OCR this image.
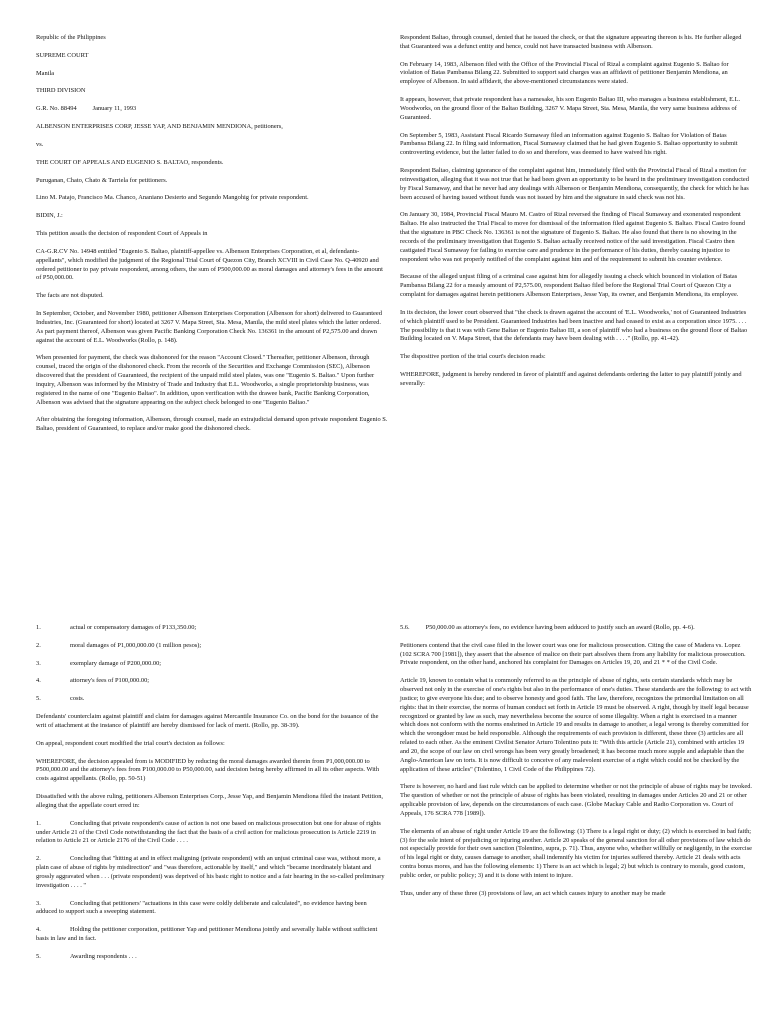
Republic of the Philippines

SUPREME COURT

Manila

THIRD DIVISION

G.R. No. 88494          January 11, 1993

ALBENSON ENTERPRISES CORP, JESSE YAP, AND BENJAMIN MENDIONA, petitioners,

vs.

THE COURT OF APPEALS AND EUGENIO S. BALTAO, respondents.

Puruganan, Chato, Chato & Tarriela for petitioners.

Lino M. Patajo, Francisco Ma. Chanco, Ananiano Desierto and Segundo Mangohig for private respondent.

BIDIN, J.:

This petition assails the decision of respondent Court of Appeals in

CA-G.R.CV No. 14948 entitled "Eugenio S. Baltao, plaintiff-appellee vs. Albenson Enterprises Corporation, et al, defendants-appellants", which modified the judgment of the Regional Trial Court of Quezon City, Branch XCVIII in Civil Case No. Q-40920 and ordered petitioner to pay private respondent, among others, the sum of P500,000.00 as moral damages and attorney's fees in the amount of P50,000.00.

The facts are not disputed.

In September, October, and November 1980, petitioner Albenson Enterprises Corporation (Albenson for short) delivered to Guaranteed Industries, Inc. (Guaranteed for short) located at 3267 V. Mapa Street, Sta. Mesa, Manila, the mild steel plates which the latter ordered. As part payment thereof, Albenson was given Pacific Banking Corporation Check No. 136361 in the amount of P2,575.00 and drawn against the account of E.L. Woodworks (Rollo, p. 148).

When presented for payment, the check was dishonored for the reason "Account Closed." Thereafter, petitioner Albenson, through counsel, traced the origin of the dishonored check. From the records of the Securities and Exchange Commission (SEC), Albenson discovered that the president of Guaranteed, the recipient of the unpaid mild steel plates, was one "Eugenio S. Baltao." Upon further inquiry, Albenson was informed by the Ministry of Trade and Industry that E.L. Woodworks, a single proprietorship business, was registered in the name of one "Eugenio Baltao". In addition, upon verification with the drawee bank, Pacific Banking Corporation, Albenson was advised that the signature appearing on the subject check belonged to one "Eugenio Baltao."

After obtaining the foregoing information, Albenson, through counsel, made an extrajudicial demand upon private respondent Eugenio S. Baltao, president of Guaranteed, to replace and/or make good the dishonored check.

Respondent Baltao, through counsel, denied that he issued the check, or that the signature appearing thereon is his. He further alleged that Guaranteed was a defunct entity and hence, could not have transacted business with Albenson.

On February 14, 1983, Albenson filed with the Office of the Provincial Fiscal of Rizal a complaint against Eugenio S. Baltao for violation of Batas Pambansa Bilang 22. Submitted to support said charges was an affidavit of petitioner Benjamin Mendiona, an employee of Albenson. In said affidavit, the above-mentioned circumstances were stated.

It appears, however, that private respondent has a namesake, his son Eugenio Baltao III, who manages a business establishment, E.L. Woodworks, on the ground floor of the Baltao Building, 3267 V. Mapa Street, Sta. Mesa, Manila, the very same business address of Guaranteed.

On September 5, 1983, Assistant Fiscal Ricardo Sumaway filed an information against Eugenio S. Baltao for Violation of Batas Pambansa Bilang 22. In filing said information, Fiscal Sumaway claimed that he had given Eugenio S. Baltao opportunity to submit controverting evidence, but the latter failed to do so and therefore, was deemed to have waived his right.

Respondent Baltao, claiming ignorance of the complaint against him, immediately filed with the Provincial Fiscal of Rizal a motion for reinvestigation, alleging that it was not true that he had been given an opportunity to be heard in the preliminary investigation conducted by Fiscal Sumaway, and that he never had any dealings with Albenson or Benjamin Mendiona, consequently, the check for which he has been accused of having issued without funds was not issued by him and the signature in said check was not his.

On January 30, 1984, Provincial Fiscal Mauro M. Castro of Rizal reversed the finding of Fiscal Sumaway and exonerated respondent Baltao. He also instructed the Trial Fiscal to move for dismissal of the information filed against Eugenio S. Baltao. Fiscal Castro found that the signature in PBC Check No. 136361 is not the signature of Eugenio S. Baltao. He also found that there is no showing in the records of the preliminary investigation that Eugenio S. Baltao actually received notice of the said investigation. Fiscal Castro then castigated Fiscal Sumaway for failing to exercise care and prudence in the performance of his duties, thereby causing injustice to respondent who was not properly notified of the complaint against him and of the requirement to submit his counter evidence.

Because of the alleged unjust filing of a criminal case against him for allegedly issuing a check which bounced in violation of Batas Pambansa Bilang 22 for a measly amount of P2,575.00, respondent Baltao filed before the Regional Trial Court of Quezon City a complaint for damages against herein petitioners Albenson Enterprises, Jesse Yap, its owner, and Benjamin Mendiona, its employee.

In its decision, the lower court observed that "the check is drawn against the account of 'E.L. Woodworks,' not of Guaranteed Industries of which plaintiff used to be President. Guaranteed Industries had been inactive and had ceased to exist as a corporation since 1975. . . . The possibility is that it was with Gene Baltao or Eugenio Baltao III, a son of plaintiff who had a business on the ground floor of Baltao Building located on V. Mapa Street, that the defendants may have been dealing with . . . ." (Rollo, pp. 41-42).

The dispositive portion of the trial court's decision reads:

WHEREFORE, judgment is hereby rendered in favor of plaintiff and against defendants ordering the latter to pay plaintiff jointly and severally:

1.	actual or compensatory damages of P133,350.00;
2.	moral damages of P1,000,000.00 (1 million pesos);
3.	exemplary damage of P200,000.00;
4.	attorney's fees of P100,000.00;
5.	costs.

Defendants' counterclaim against plaintiff and claim for damages against Mercantile Insurance Co. on the bond for the issuance of the writ of attachment at the instance of plaintiff are hereby dismissed for lack of merit. (Rollo, pp. 38-39).

On appeal, respondent court modified the trial court's decision as follows:

WHEREFORE, the decision appealed from is MODIFIED by reducing the moral damages awarded therein from P1,000,000.00 to P500,000.00 and the attorney's fees from P100,000.00 to P50,000.00, said decision being hereby affirmed in all its other aspects. With costs against appellants. (Rollo, pp. 50-51)

Dissatisfied with the above ruling, petitioners Albenson Enterprises Corp., Jesse Yap, and Benjamin Mendiona filed the instant Petition, alleging that the appellate court erred in:

1.	Concluding that private respondent's cause of action is not one based on malicious prosecution but one for abuse of rights under Article 21 of the Civil Code notwithstanding the fact that the basis of a civil action for malicious prosecution is Article 2219 in relation to Article 21 or Article 2176 of the Civil Code . . . .
2.	Concluding that "hitting at and in effect maligning (private respondent) with an unjust criminal case was, without more, a plain case of abuse of rights by misdirection" and "was therefore, actionable by itself," and which "became inordinately blatant and grossly aggravated when . . . (private respondent) was deprived of his basic right to notice and a fair hearing in the so-called preliminary investigation . . . . "
3.	Concluding that petitioners' "actuations in this case were coldly deliberate and calculated", no evidence having been adduced to support such a sweeping statement.
4.	Holding the petitioner corporation, petitioner Yap and petitioner Mendiona jointly and severally liable without sufficient basis in law and in fact.
5.	Awarding respondents . . .

5.6.          P50,000.00 as attorney's fees, no evidence having been adduced to justify such an award (Rollo, pp. 4-6).

Petitioners contend that the civil case filed in the lower court was one for malicious prosecution. Citing the case of Madera vs. Lopez (102 SCRA 700 [1981]), they assert that the absence of malice on their part absolves them from any liability for malicious prosecution. Private respondent, on the other hand, anchored his complaint for Damages on Articles 19, 20, and 21 * * of the Civil Code.

Article 19, known to contain what is commonly referred to as the principle of abuse of rights, sets certain standards which may be observed not only in the exercise of one's rights but also in the performance of one's duties. These standards are the following: to act with justice; to give everyone his due; and to observe honesty and good faith. The law, therefore, recognizes the primordial limitation on all rights: that in their exercise, the norms of human conduct set forth in Article 19 must be observed. A right, though by itself legal because recognized or granted by law as such, may nevertheless become the source of some illegality. When a right is exercised in a manner which does not conform with the norms enshrined in Article 19 and results in damage to another, a legal wrong is thereby committed for which the wrongdoer must be held responsible. Although the requirements of each provision is different, these three (3) articles are all related to each other. As the eminent Civilist Senator Arturo Tolentino puts it: "With this article (Article 21), combined with articles 19 and 20, the scope of our law on civil wrongs has been very greatly broadened; it has become much more supple and adaptable than the Anglo-American law on torts. It is now difficult to conceive of any malevolent exercise of a right which could not be checked by the application of these articles" (Tolentino, 1 Civil Code of the Philippines 72).

There is however, no hard and fast rule which can be applied to determine whether or not the principle of abuse of rights may be invoked. The question of whether or not the principle of abuse of rights has been violated, resulting in damages under Articles 20 and 21 or other applicable provision of law, depends on the circumstances of each case. (Globe Mackay Cable and Radio Corporation vs. Court of Appeals, 176 SCRA 778 [1989]).

The elements of an abuse of right under Article 19 are the following: (1) There is a legal right or duty; (2) which is exercised in bad faith; (3) for the sole intent of prejudicing or injuring another. Article 20 speaks of the general sanction for all other provisions of law which do not especially provide for their own sanction (Tolentino, supra, p. 71). Thus, anyone who, whether willfully or negligently, in the exercise of his legal right or duty, causes damage to another, shall indemnify his victim for injuries suffered thereby. Article 21 deals with acts contra bonus mores, and has the following elements: 1) There is an act which is legal; 2) but which is contrary to morals, good custom, public order, or public policy; 3) and it is done with intent to injure.

Thus, under any of these three (3) provisions of law, an act which causes injury to another may be made
